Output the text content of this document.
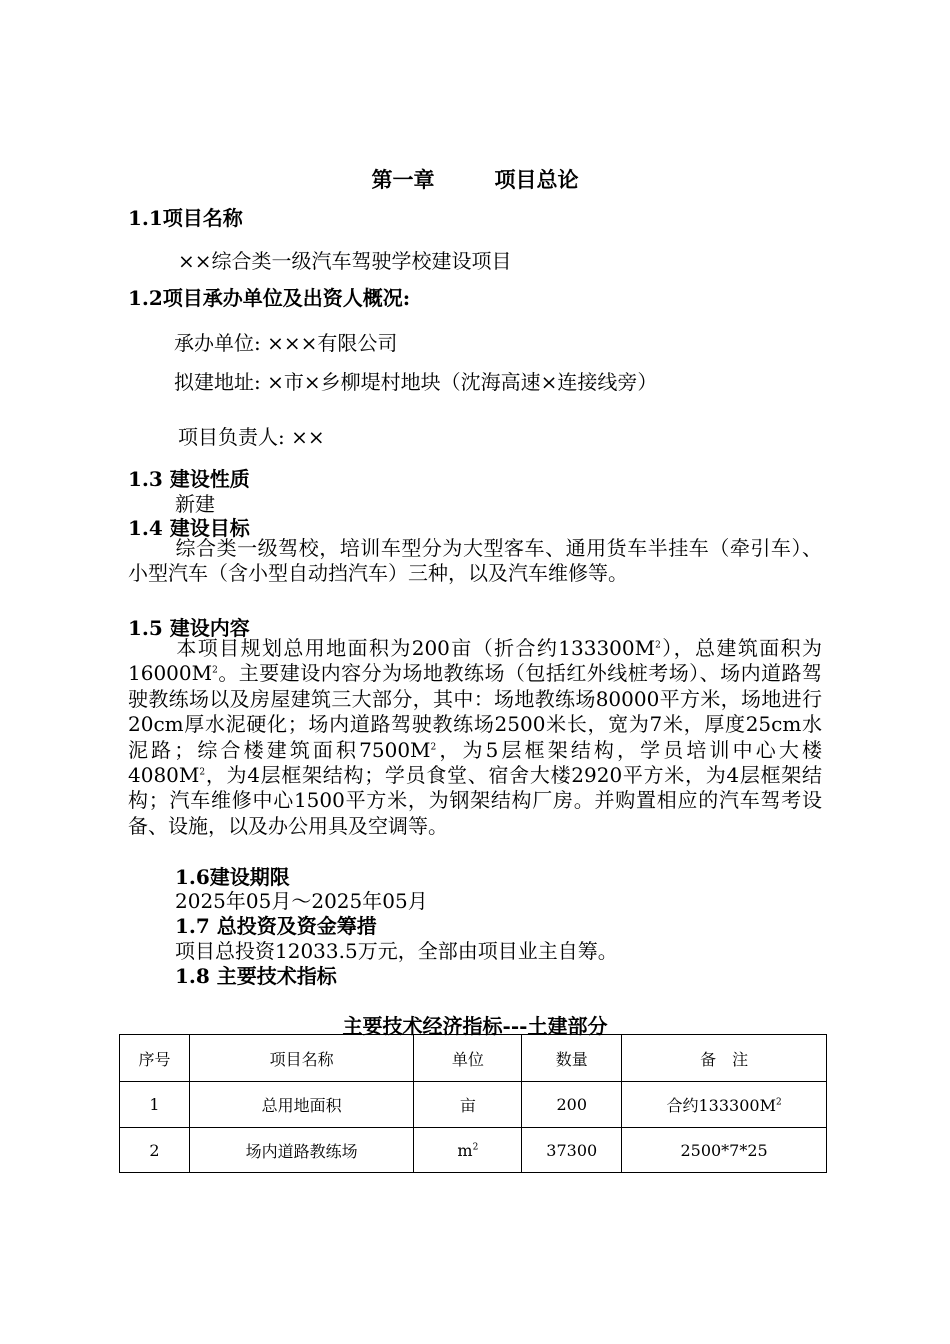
第一章	项目总论
1.1项目名称
××综合类一级汽车驾驶学校建设项目
1.2项目承办单位及出资人概况:
承办单位: ×××有限公司
拟建地址: ×市×乡柳堤村地块（沈海高速×连接线旁）
项目负责人: ××
1.3 建设性质
新建
1.4 建设目标
综合类一级驾校，培训车型分为大型客车、通用货车半挂车（牵引车）、小型汽车（含小型自动挡汽车）三种，以及汽车维修等。
1.5 建设内容
本项目规划总用地面积为200亩（折合约$133300M^2$），总建筑面积为$16000M^2$。主要建设内容分为场地教练场（包括红外线桩考场）、场内道路驾驶教练场以及房屋建筑三大部分，其中：场地教练场80000平方米，场地进行20cm厚水泥硬化；场内道路驾驶教练场2500米长，宽为7米，厚度25cm水泥路；综合楼建筑面积$7500M^2$，为5层框架结构，学员培训中心大楼$4080M^2$，为4层框架结构；学员食堂、宿舍大楼2920平方米，为4层框架结构；汽车维修中心1500平方米，为钢架结构厂房。并购置相应的汽车驾考设备、设施，以及办公用具及空调等。
1.6建设期限
2025年05月～2025年05月
1.7 总投资及资金筹措
项目总投资12033.5万元，全部由项目业主自筹。
1.8 主要技术指标
主要技术经济指标---土建部分
序号	项目名称	单位	数量	备　注
1	总用地面积	亩	200	合约$133300M^2$
2	场内道路教练场	$m^2$	37300	2500*7*25
